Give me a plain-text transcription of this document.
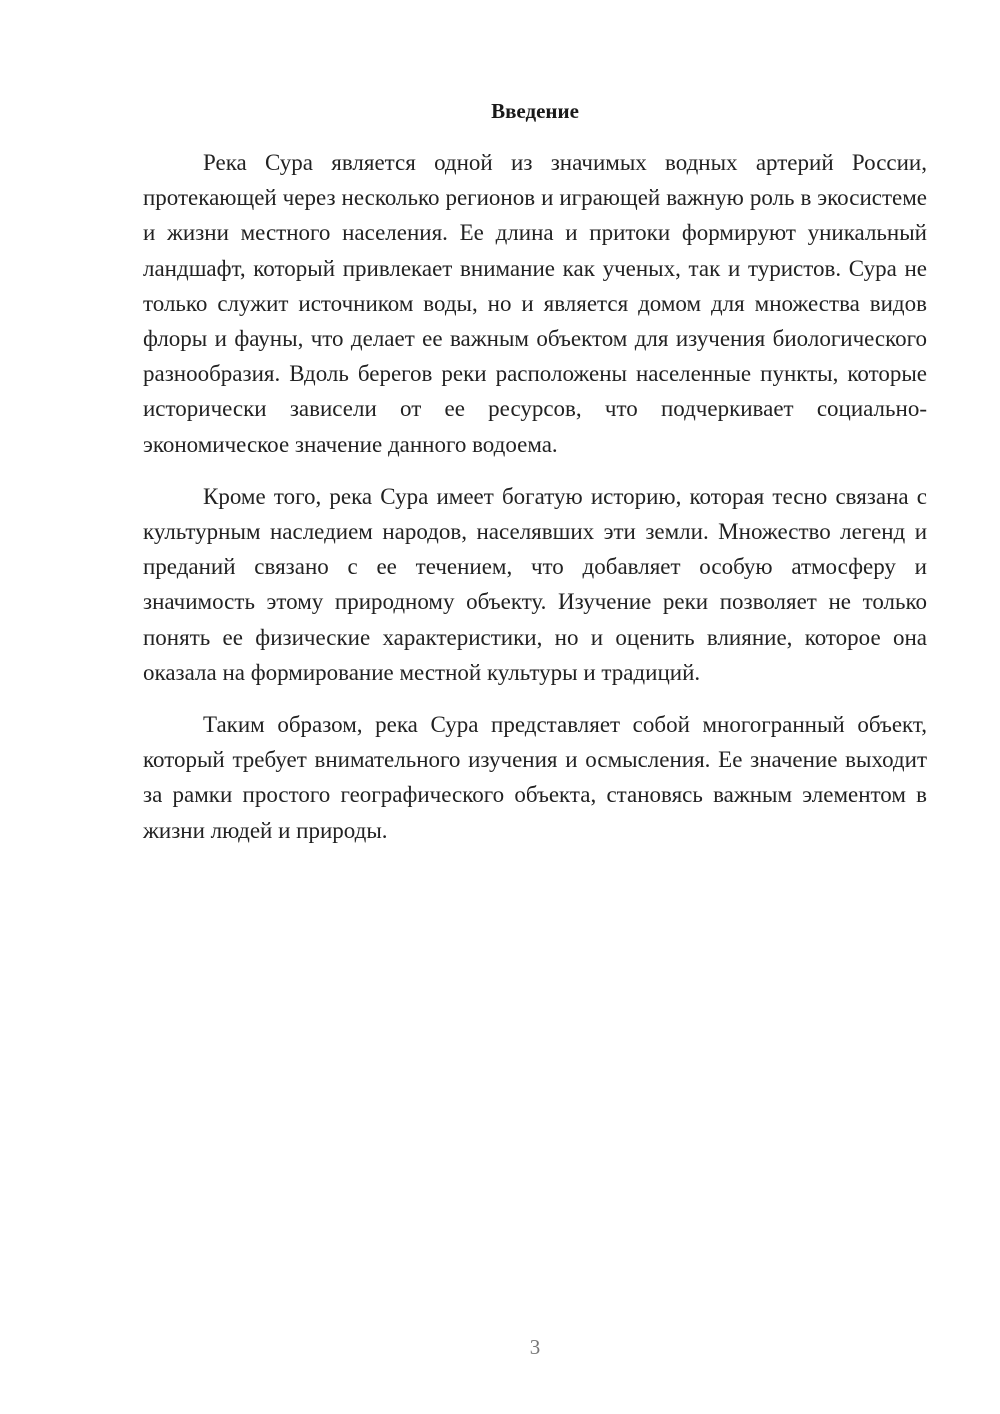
Введение

Река Сура является одной из значимых водных артерий России, протекающей через несколько регионов и играющей важную роль в экосистеме и жизни местного населения. Ее длина и притоки формируют уникальный ландшафт, который привлекает внимание как ученых, так и туристов. Сура не только служит источником воды, но и является домом для множества видов флоры и фауны, что делает ее важным объектом для изучения биологического разнообразия. Вдоль берегов реки расположены населенные пункты, которые исторически зависели от ее ресурсов, что подчеркивает социально-экономическое значение данного водоема.

Кроме того, река Сура имеет богатую историю, которая тесно связана с культурным наследием народов, населявших эти земли. Множество легенд и преданий связано с ее течением, что добавляет особую атмосферу и значимость этому природному объекту. Изучение реки позволяет не только понять ее физические характеристики, но и оценить влияние, которое она оказала на формирование местной культуры и традиций.

Таким образом, река Сура представляет собой многогранный объект, который требует внимательного изучения и осмысления. Ее значение выходит за рамки простого географического объекта, становясь важным элементом в жизни людей и природы.

3
